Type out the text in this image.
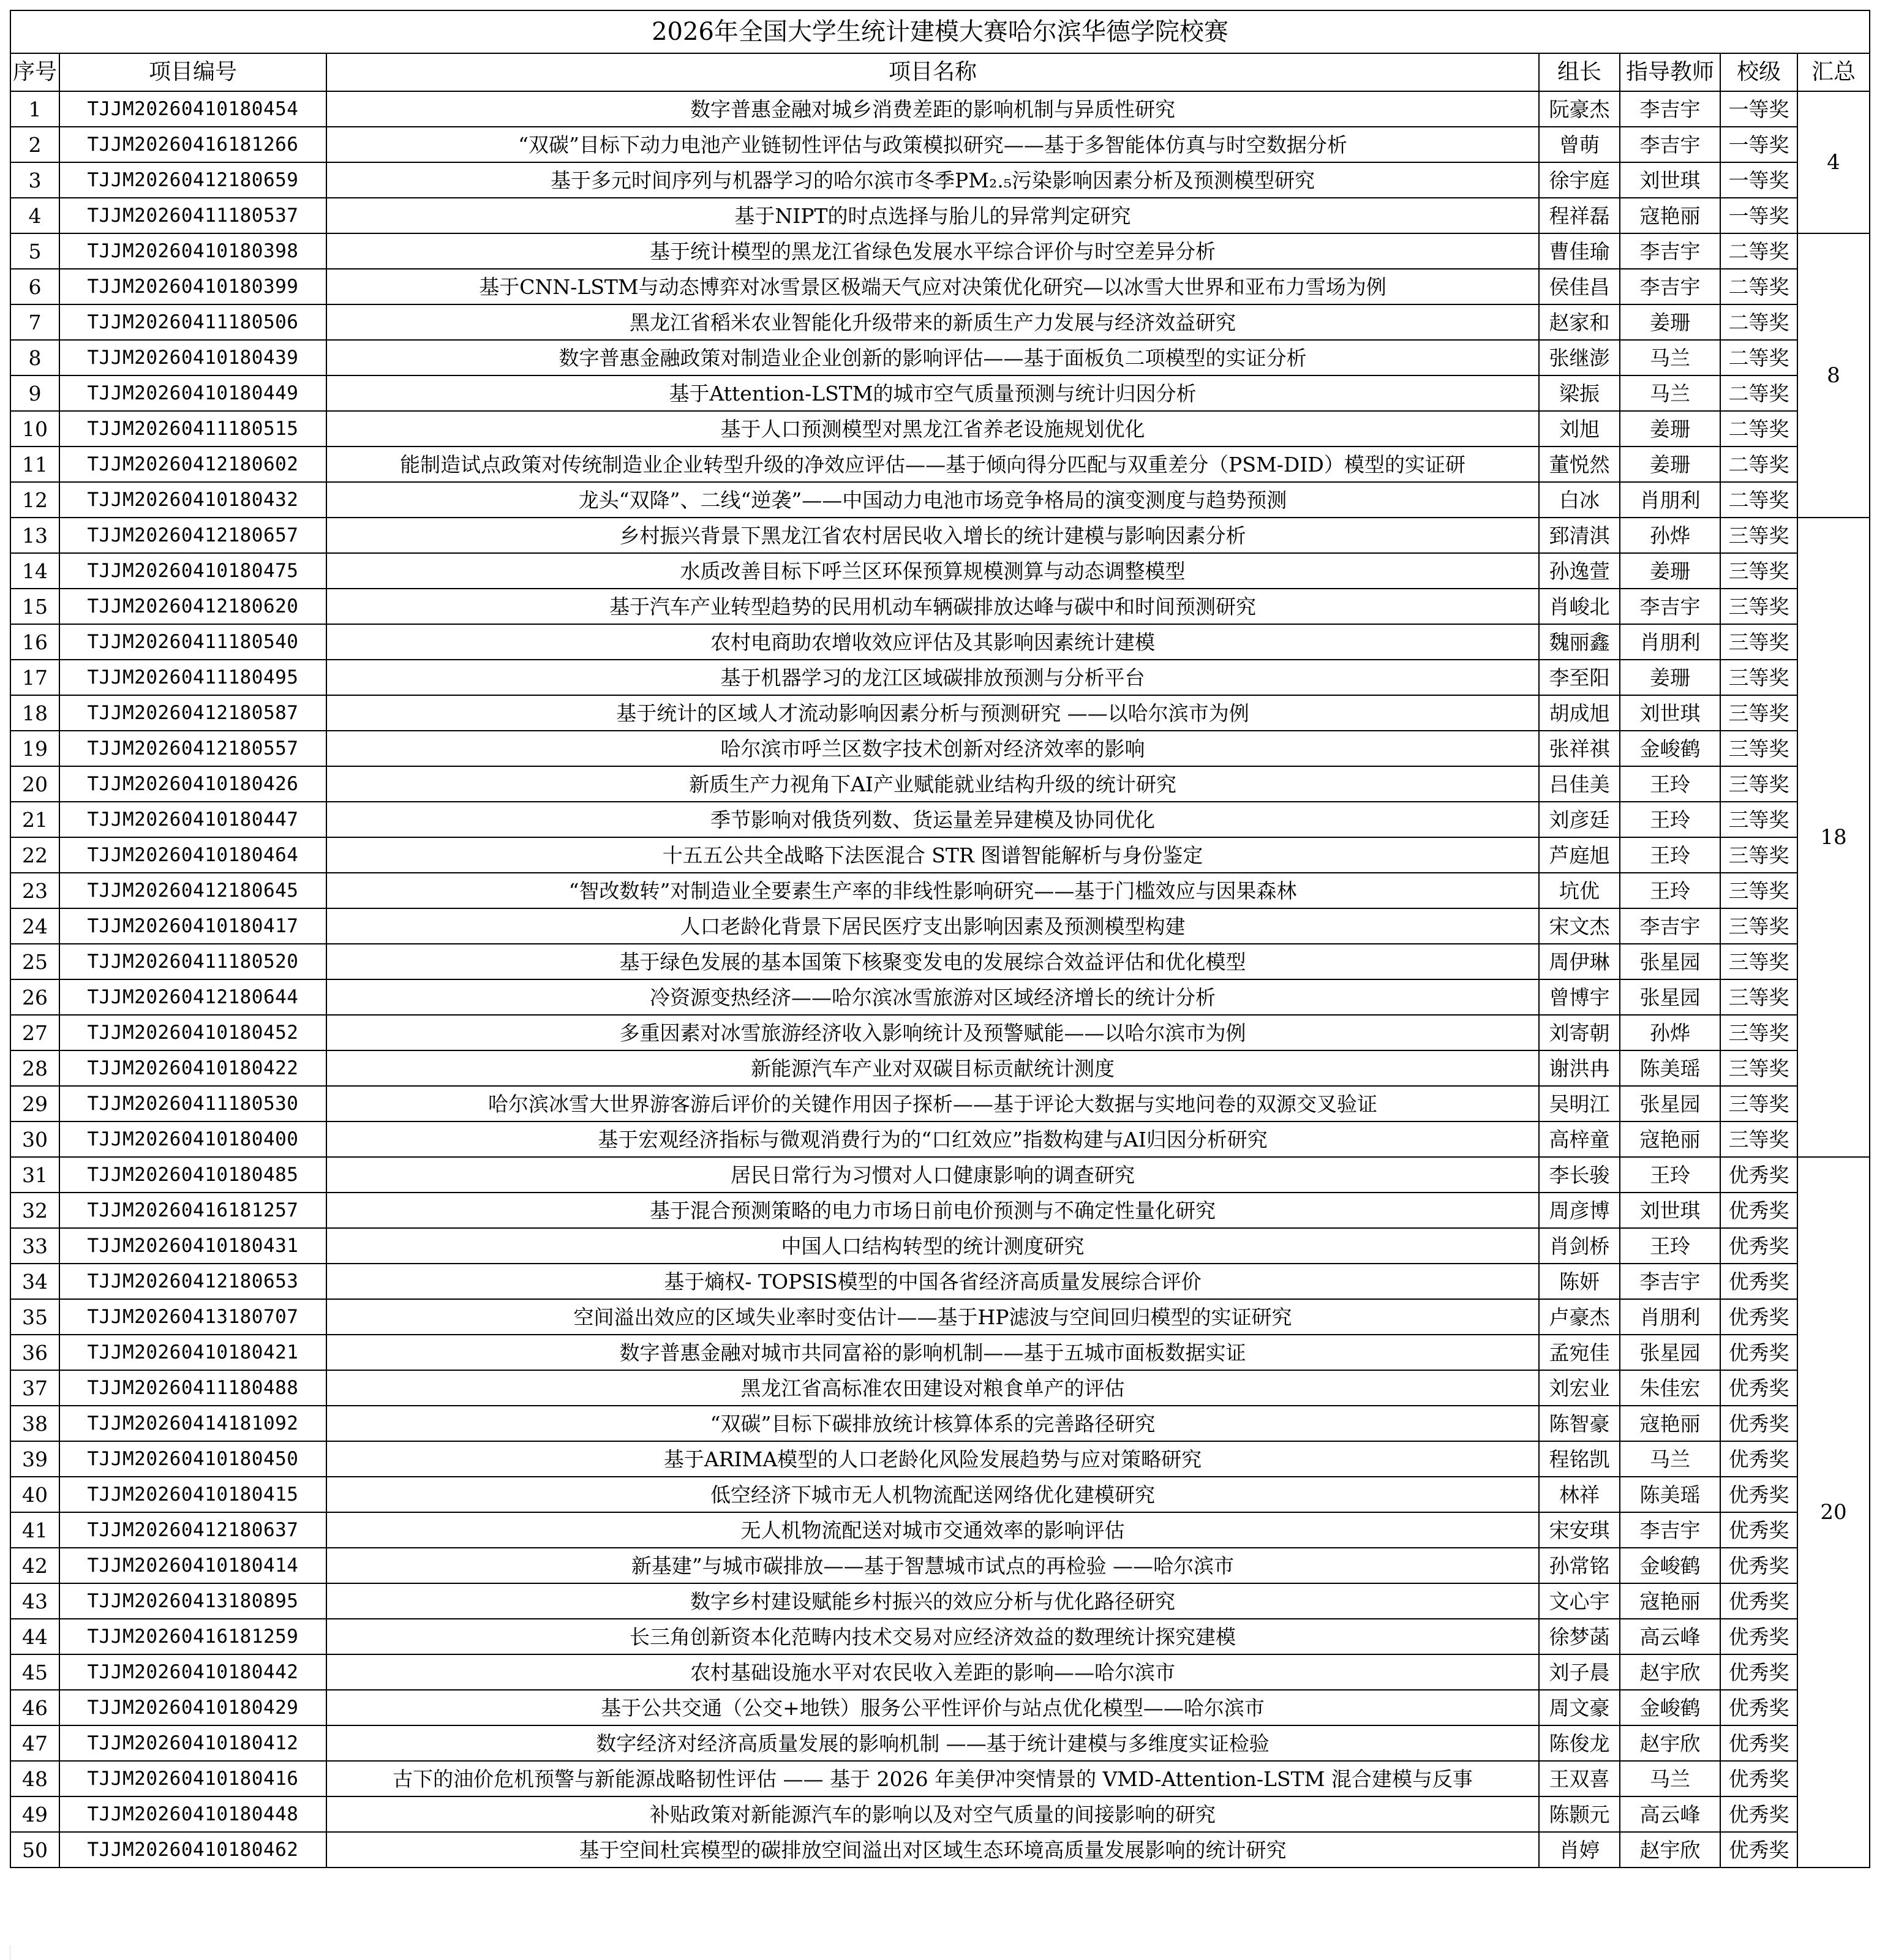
2026年全国大学生统计建模大赛哈尔滨华德学院校赛						
序号	项目编号	项目名称	组长	指导教师	校级	汇总
1	TJJM20260410180454	数字普惠金融对城乡消费差距的影响机制与异质性研究	阮豪杰	李吉宇	一等奖	4
2	TJJM20260416181266	“双碳”目标下动力电池产业链韧性评估与政策模拟研究——基于多智能体仿真与时空数据分析	曾萌	李吉宇	一等奖	
3	TJJM20260412180659	基于多元时间序列与机器学习的哈尔滨市冬季PM₂.₅污染影响因素分析及预测模型研究	徐宇庭	刘世琪	一等奖	
4	TJJM20260411180537	基于NIPT的时点选择与胎儿的异常判定研究	程祥磊	寇艳丽	一等奖	
5	TJJM20260410180398	基于统计模型的黑龙江省绿色发展水平综合评价与时空差异分析	曹佳瑜	李吉宇	二等奖	8
6	TJJM20260410180399	基于CNN-LSTM与动态博弈对冰雪景区极端天气应对决策优化研究—以冰雪大世界和亚布力雪场为例	侯佳昌	李吉宇	二等奖	
7	TJJM20260411180506	黑龙江省稻米农业智能化升级带来的新质生产力发展与经济效益研究	赵家和	姜珊	二等奖	
8	TJJM20260410180439	数字普惠金融政策对制造业企业创新的影响评估——基于面板负二项模型的实证分析	张继澎	马兰	二等奖	
9	TJJM20260410180449	基于Attention-LSTM的城市空气质量预测与统计归因分析	梁振	马兰	二等奖	
10	TJJM20260411180515	基于人口预测模型对黑龙江省养老设施规划优化	刘旭	姜珊	二等奖	
11	TJJM20260412180602	能制造试点政策对传统制造业企业转型升级的净效应评估——基于倾向得分匹配与双重差分（PSM-DID）模型的实证研	董悦然	姜珊	二等奖	
12	TJJM20260410180432	龙头“双降”、二线“逆袭”——中国动力电池市场竞争格局的演变测度与趋势预测	白冰	肖朋利	二等奖	
13	TJJM20260412180657	乡村振兴背景下黑龙江省农村居民收入增长的统计建模与影响因素分析	郅清淇	孙烨	三等奖	18
14	TJJM20260410180475	水质改善目标下呼兰区环保预算规模测算与动态调整模型	孙逸萱	姜珊	三等奖	
15	TJJM20260412180620	基于汽车产业转型趋势的民用机动车辆碳排放达峰与碳中和时间预测研究	肖峻北	李吉宇	三等奖	
16	TJJM20260411180540	农村电商助农增收效应评估及其影响因素统计建模	魏丽鑫	肖朋利	三等奖	
17	TJJM20260411180495	基于机器学习的龙江区域碳排放预测与分析平台	李至阳	姜珊	三等奖	
18	TJJM20260412180587	基于统计的区域人才流动影响因素分析与预测研究 ——以哈尔滨市为例	胡成旭	刘世琪	三等奖	
19	TJJM20260412180557	哈尔滨市呼兰区数字技术创新对经济效率的影响	张祥祺	金峻鹤	三等奖	
20	TJJM20260410180426	新质生产力视角下AI产业赋能就业结构升级的统计研究	吕佳美	王玲	三等奖	
21	TJJM20260410180447	季节影响对俄货列数、货运量差异建模及协同优化	刘彦廷	王玲	三等奖	
22	TJJM20260410180464	十五五公共全战略下法医混合 STR 图谱智能解析与身份鉴定	芦庭旭	王玲	三等奖	
23	TJJM20260412180645	“智改数转”对制造业全要素生产率的非线性影响研究——基于门槛效应与因果森林	坑优	王玲	三等奖	
24	TJJM20260410180417	人口老龄化背景下居民医疗支出影响因素及预测模型构建	宋文杰	李吉宇	三等奖	
25	TJJM20260411180520	基于绿色发展的基本国策下核聚变发电的发展综合效益评估和优化模型	周伊琳	张星园	三等奖	
26	TJJM20260412180644	冷资源变热经济——哈尔滨冰雪旅游对区域经济增长的统计分析	曾博宇	张星园	三等奖	
27	TJJM20260410180452	多重因素对冰雪旅游经济收入影响统计及预警赋能——以哈尔滨市为例	刘寄朝	孙烨	三等奖	
28	TJJM20260410180422	新能源汽车产业对双碳目标贡献统计测度	谢洪冉	陈美瑶	三等奖	
29	TJJM20260411180530	哈尔滨冰雪大世界游客游后评价的关键作用因子探析——基于评论大数据与实地问卷的双源交叉验证	吴明江	张星园	三等奖	
30	TJJM20260410180400	基于宏观经济指标与微观消费行为的“口红效应”指数构建与AI归因分析研究	高梓童	寇艳丽	三等奖	
31	TJJM20260410180485	居民日常行为习惯对人口健康影响的调查研究	李长骏	王玲	优秀奖	20
32	TJJM20260416181257	基于混合预测策略的电力市场日前电价预测与不确定性量化研究	周彦博	刘世琪	优秀奖	
33	TJJM20260410180431	中国人口结构转型的统计测度研究	肖剑桥	王玲	优秀奖	
34	TJJM20260412180653	基于熵权- TOPSIS模型的中国各省经济高质量发展综合评价	陈妍	李吉宇	优秀奖	
35	TJJM20260413180707	空间溢出效应的区域失业率时变估计——基于HP滤波与空间回归模型的实证研究	卢豪杰	肖朋利	优秀奖	
36	TJJM20260410180421	数字普惠金融对城市共同富裕的影响机制——基于五城市面板数据实证	孟宛佳	张星园	优秀奖	
37	TJJM20260411180488	黑龙江省高标准农田建设对粮食单产的评估	刘宏业	朱佳宏	优秀奖	
38	TJJM20260414181092	“双碳”目标下碳排放统计核算体系的完善路径研究	陈智豪	寇艳丽	优秀奖	
39	TJJM20260410180450	基于ARIMA模型的人口老龄化风险发展趋势与应对策略研究	程铭凯	马兰	优秀奖	
40	TJJM20260410180415	低空经济下城市无人机物流配送网络优化建模研究	林祥	陈美瑶	优秀奖	
41	TJJM20260412180637	无人机物流配送对城市交通效率的影响评估	宋安琪	李吉宇	优秀奖	
42	TJJM20260410180414	新基建”与城市碳排放——基于智慧城市试点的再检验 ——哈尔滨市	孙常铭	金峻鹤	优秀奖	
43	TJJM20260413180895	数字乡村建设赋能乡村振兴的效应分析与优化路径研究	文心宇	寇艳丽	优秀奖	
44	TJJM20260416181259	长三角创新资本化范畴内技术交易对应经济效益的数理统计探究建模	徐梦菡	高云峰	优秀奖	
45	TJJM20260410180442	农村基础设施水平对农民收入差距的影响——哈尔滨市	刘子晨	赵宇欣	优秀奖	
46	TJJM20260410180429	基于公共交通（公交+地铁）服务公平性评价与站点优化模型——哈尔滨市	周文豪	金峻鹤	优秀奖	
47	TJJM20260410180412	数字经济对经济高质量发展的影响机制 ——基于统计建模与多维度实证检验	陈俊龙	赵宇欣	优秀奖	
48	TJJM20260410180416	古下的油价危机预警与新能源战略韧性评估 —— 基于 2026 年美伊冲突情景的 VMD-Attention-LSTM 混合建模与反事	王双喜	马兰	优秀奖	
49	TJJM20260410180448	补贴政策对新能源汽车的影响以及对空气质量的间接影响的研究	陈颢元	高云峰	优秀奖	
50	TJJM20260410180462	基于空间杜宾模型的碳排放空间溢出对区域生态环境高质量发展影响的统计研究	肖婷	赵宇欣	优秀奖	
